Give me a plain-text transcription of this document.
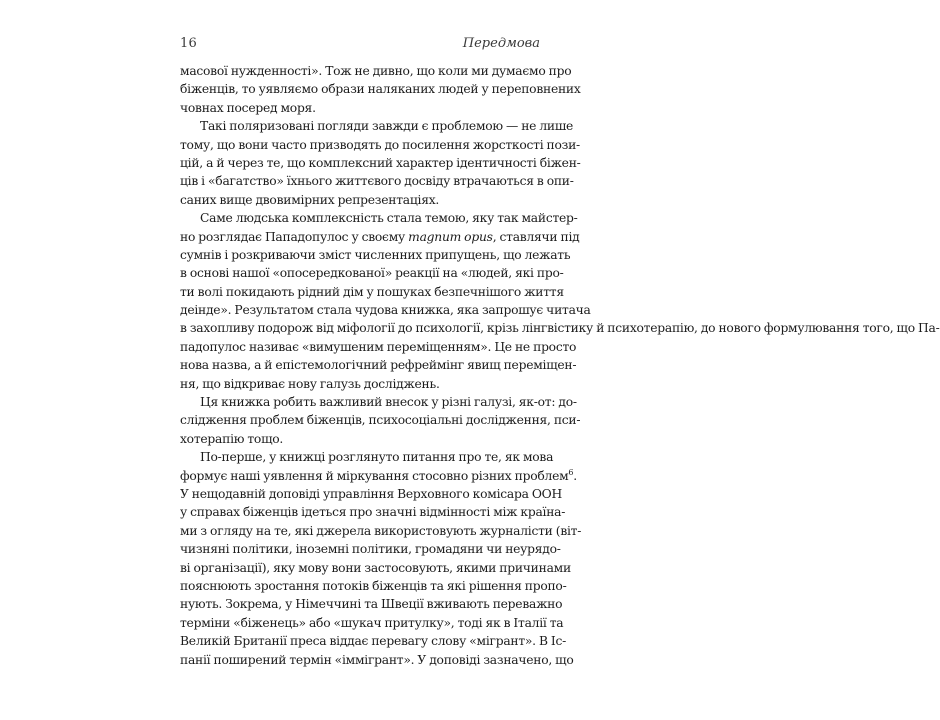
16	Передмова
масової нужденності». Тож не дивно, що коли ми думаємо про
біженців, то уявляємо образи наляканих людей у переповнених
човнах посеред моря.
Такі поляризовані погляди завжди є проблемою — не лише
тому, що вони часто призводять до посилення жорсткості пози-
цій, а й через те, що комплексний характер ідентичності біжен-
ців і «багатство» їхнього життєвого досвіду втрачаються в опи-
саних вище двовимірних репрезентаціях.
Саме людська комплексність стала темою, яку так майстер-
но розглядає Пападопулос у своєму magnum opus, ставлячи під
сумнів і розкриваючи зміст численних припущень, що лежать
в основі нашої «опосередкованої» реакції на «людей, які про-
ти волі покидають рідний дім у пошуках безпечнішого життя
деінде». Результатом стала чудова книжка, яка запрошує читача
в захопливу подорож від міфології до психології, крізь лінгвістику й психотерапію, до нового формулювання того, що Па-
падопулос називає «вимушеним переміщенням». Це не просто
нова назва, а й епістемологічний рефреймінг явищ переміщен-
ня, що відкриває нову галузь досліджень.
Ця книжка робить важливий внесок у різні галузі, як-от: до-
слідження проблем біженців, психосоціальні дослідження, пси-
хотерапію тощо.
По-перше, у книжці розглянуто питання про те, як мова
формує наші уявлення й міркування стосовно різних проблем$^6$.
У нещодавній доповіді управління Верховного комісара ООН
у справах біженців ідеться про значні відмінності між країна-
ми з огляду на те, які джерела використовують журналісти (віт-
чизняні політики, іноземні політики, громадяни чи неурядо-
ві організації), яку мову вони застосовують, якими причинами
пояснюють зростання потоків біженців та які рішення пропо-
нують. Зокрема, у Німеччині та Швеції вживають переважно
терміни «біженець» або «шукач притулку», тоді як в Італії та
Великій Британії преса віддає перевагу слову «мігрант». В Іс-
панії поширений термін «іммігрант». У доповіді зазначено, що
